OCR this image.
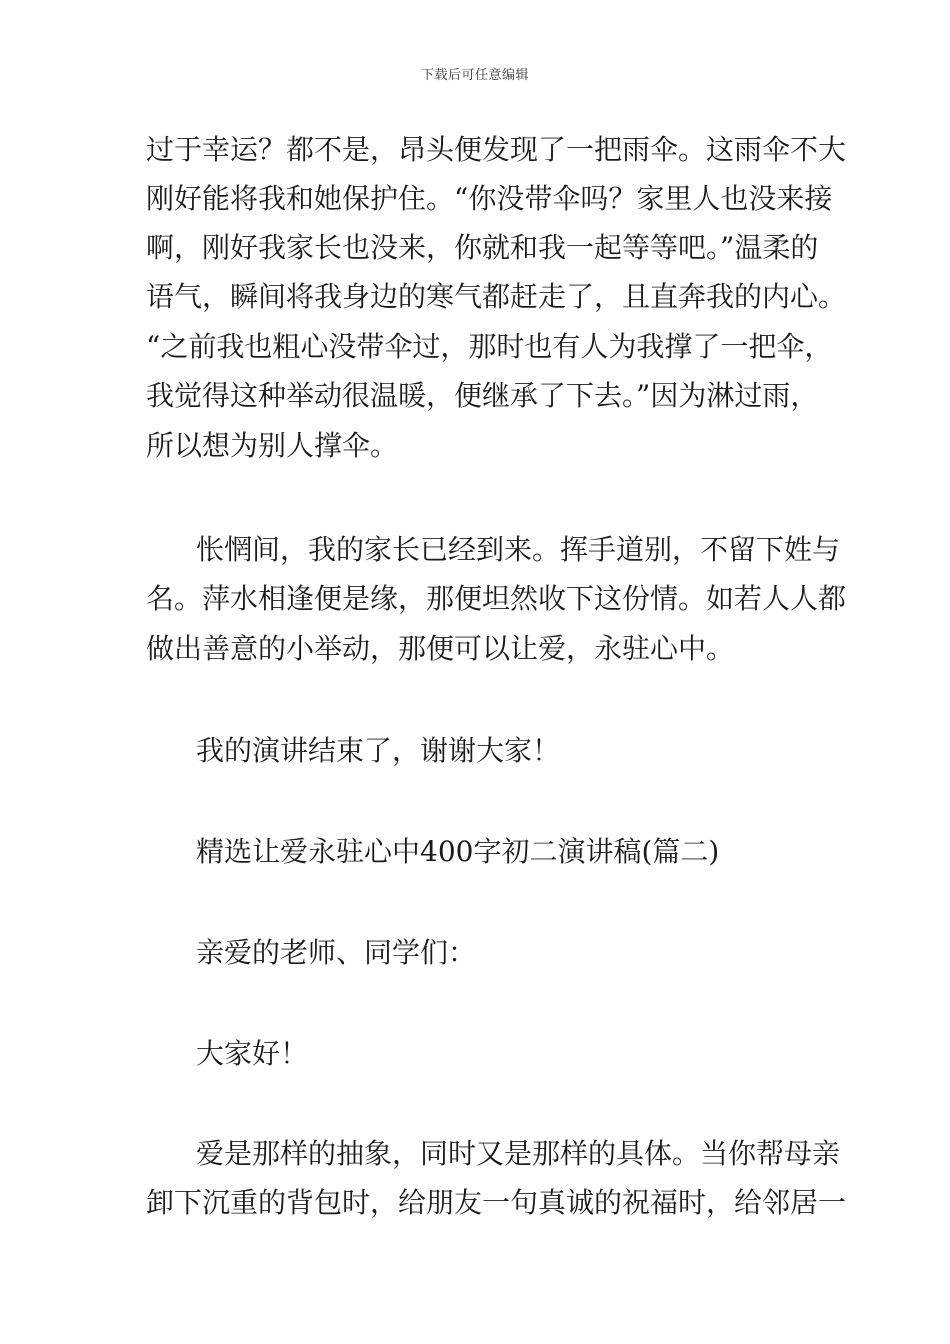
下载后可任意编辑
过于幸运？都不是，昂头便发现了一把雨伞。这雨伞不大
刚好能将我和她保护住。“你没带伞吗？家里人也没来接
啊，刚好我家长也没来，你就和我一起等等吧。”温柔的
语气，瞬间将我身边的寒气都赶走了，且直奔我的内心。
“之前我也粗心没带伞过，那时也有人为我撑了一把伞，
我觉得这种举动很温暖，便继承了下去。”因为淋过雨，
所以想为别人撑伞。
怅惘间，我的家长已经到来。挥手道别，不留下姓与
名。萍水相逢便是缘，那便坦然收下这份情。如若人人都
做出善意的小举动，那便可以让爱，永驻心中。
我的演讲结束了，谢谢大家！
精选让爱永驻心中400字初二演讲稿(篇二)
亲爱的老师、同学们：
大家好！
爱是那样的抽象，同时又是那样的具体。当你帮母亲
卸下沉重的背包时，给朋友一句真诚的祝福时，给邻居一
